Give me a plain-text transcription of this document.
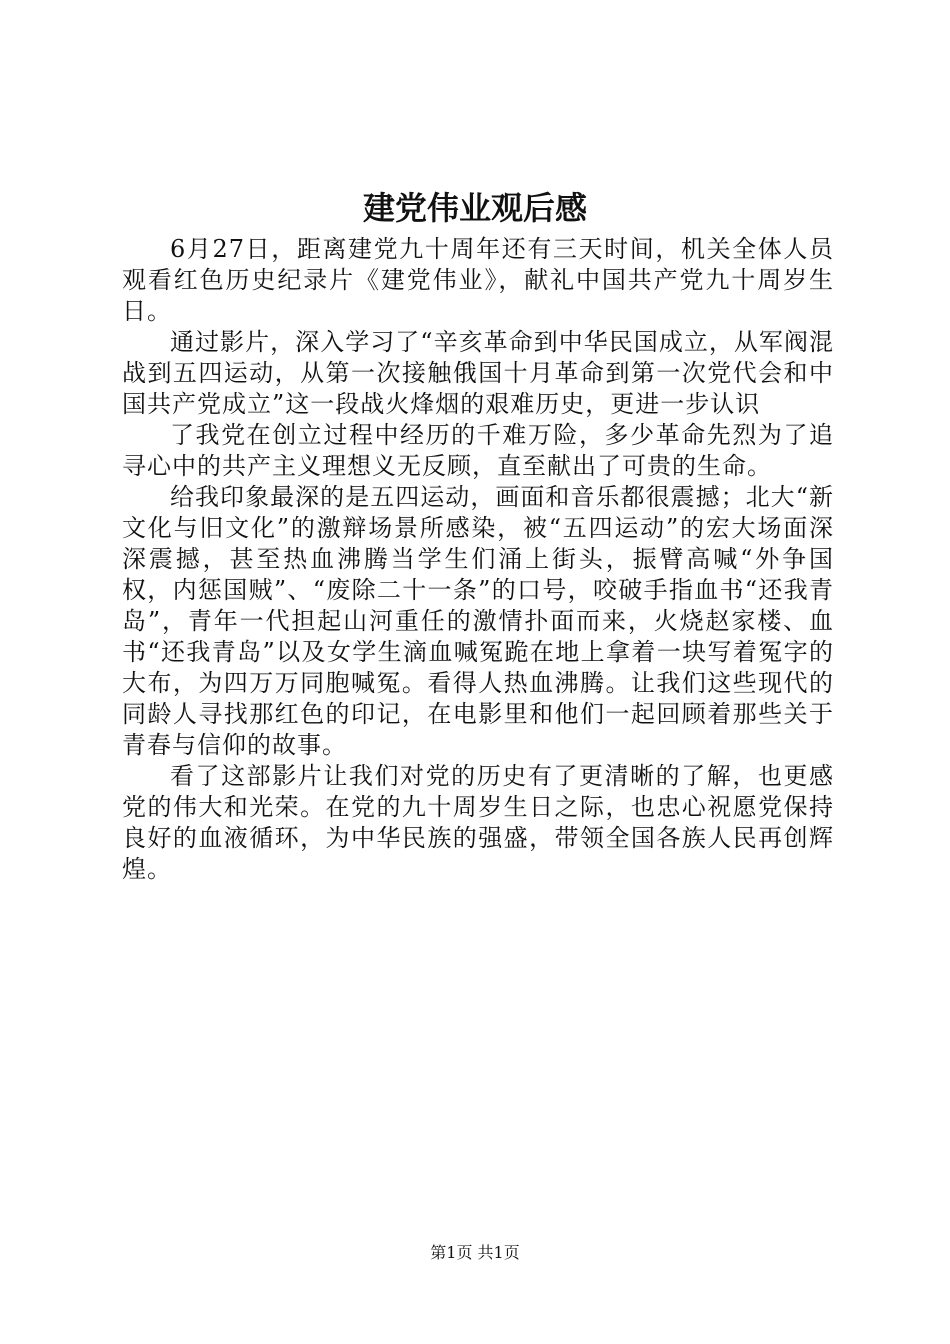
建党伟业观后感

6月27日，距离建党九十周年还有三天时间，机关全体人员观看红色历史纪录片《建党伟业》，献礼中国共产党九十周岁生日。

通过影片，深入学习了“辛亥革命到中华民国成立，从军阀混战到五四运动，从第一次接触俄国十月革命到第一次党代会和中国共产党成立”这一段战火烽烟的艰难历史，更进一步认识

了我党在创立过程中经历的千难万险，多少革命先烈为了追寻心中的共产主义理想义无反顾，直至献出了可贵的生命。

给我印象最深的是五四运动，画面和音乐都很震撼；北大“新文化与旧文化”的激辩场景所感染，被“五四运动”的宏大场面深深震撼，甚至热血沸腾当学生们涌上街头，振臂高喊“外争国权，内惩国贼”、“废除二十一条”的口号，咬破手指血书“还我青岛”，青年一代担起山河重任的激情扑面而来，火烧赵家楼、血书“还我青岛”以及女学生滴血喊冤跪在地上拿着一块写着冤字的大布，为四万万同胞喊冤。看得人热血沸腾。让我们这些现代的同龄人寻找那红色的印记，在电影里和他们一起回顾着那些关于青春与信仰的故事。

看了这部影片让我们对党的历史有了更清晰的了解，也更感党的伟大和光荣。在党的九十周岁生日之际，也忠心祝愿党保持良好的血液循环，为中华民族的强盛，带领全国各族人民再创辉煌。

第1页 共1页
